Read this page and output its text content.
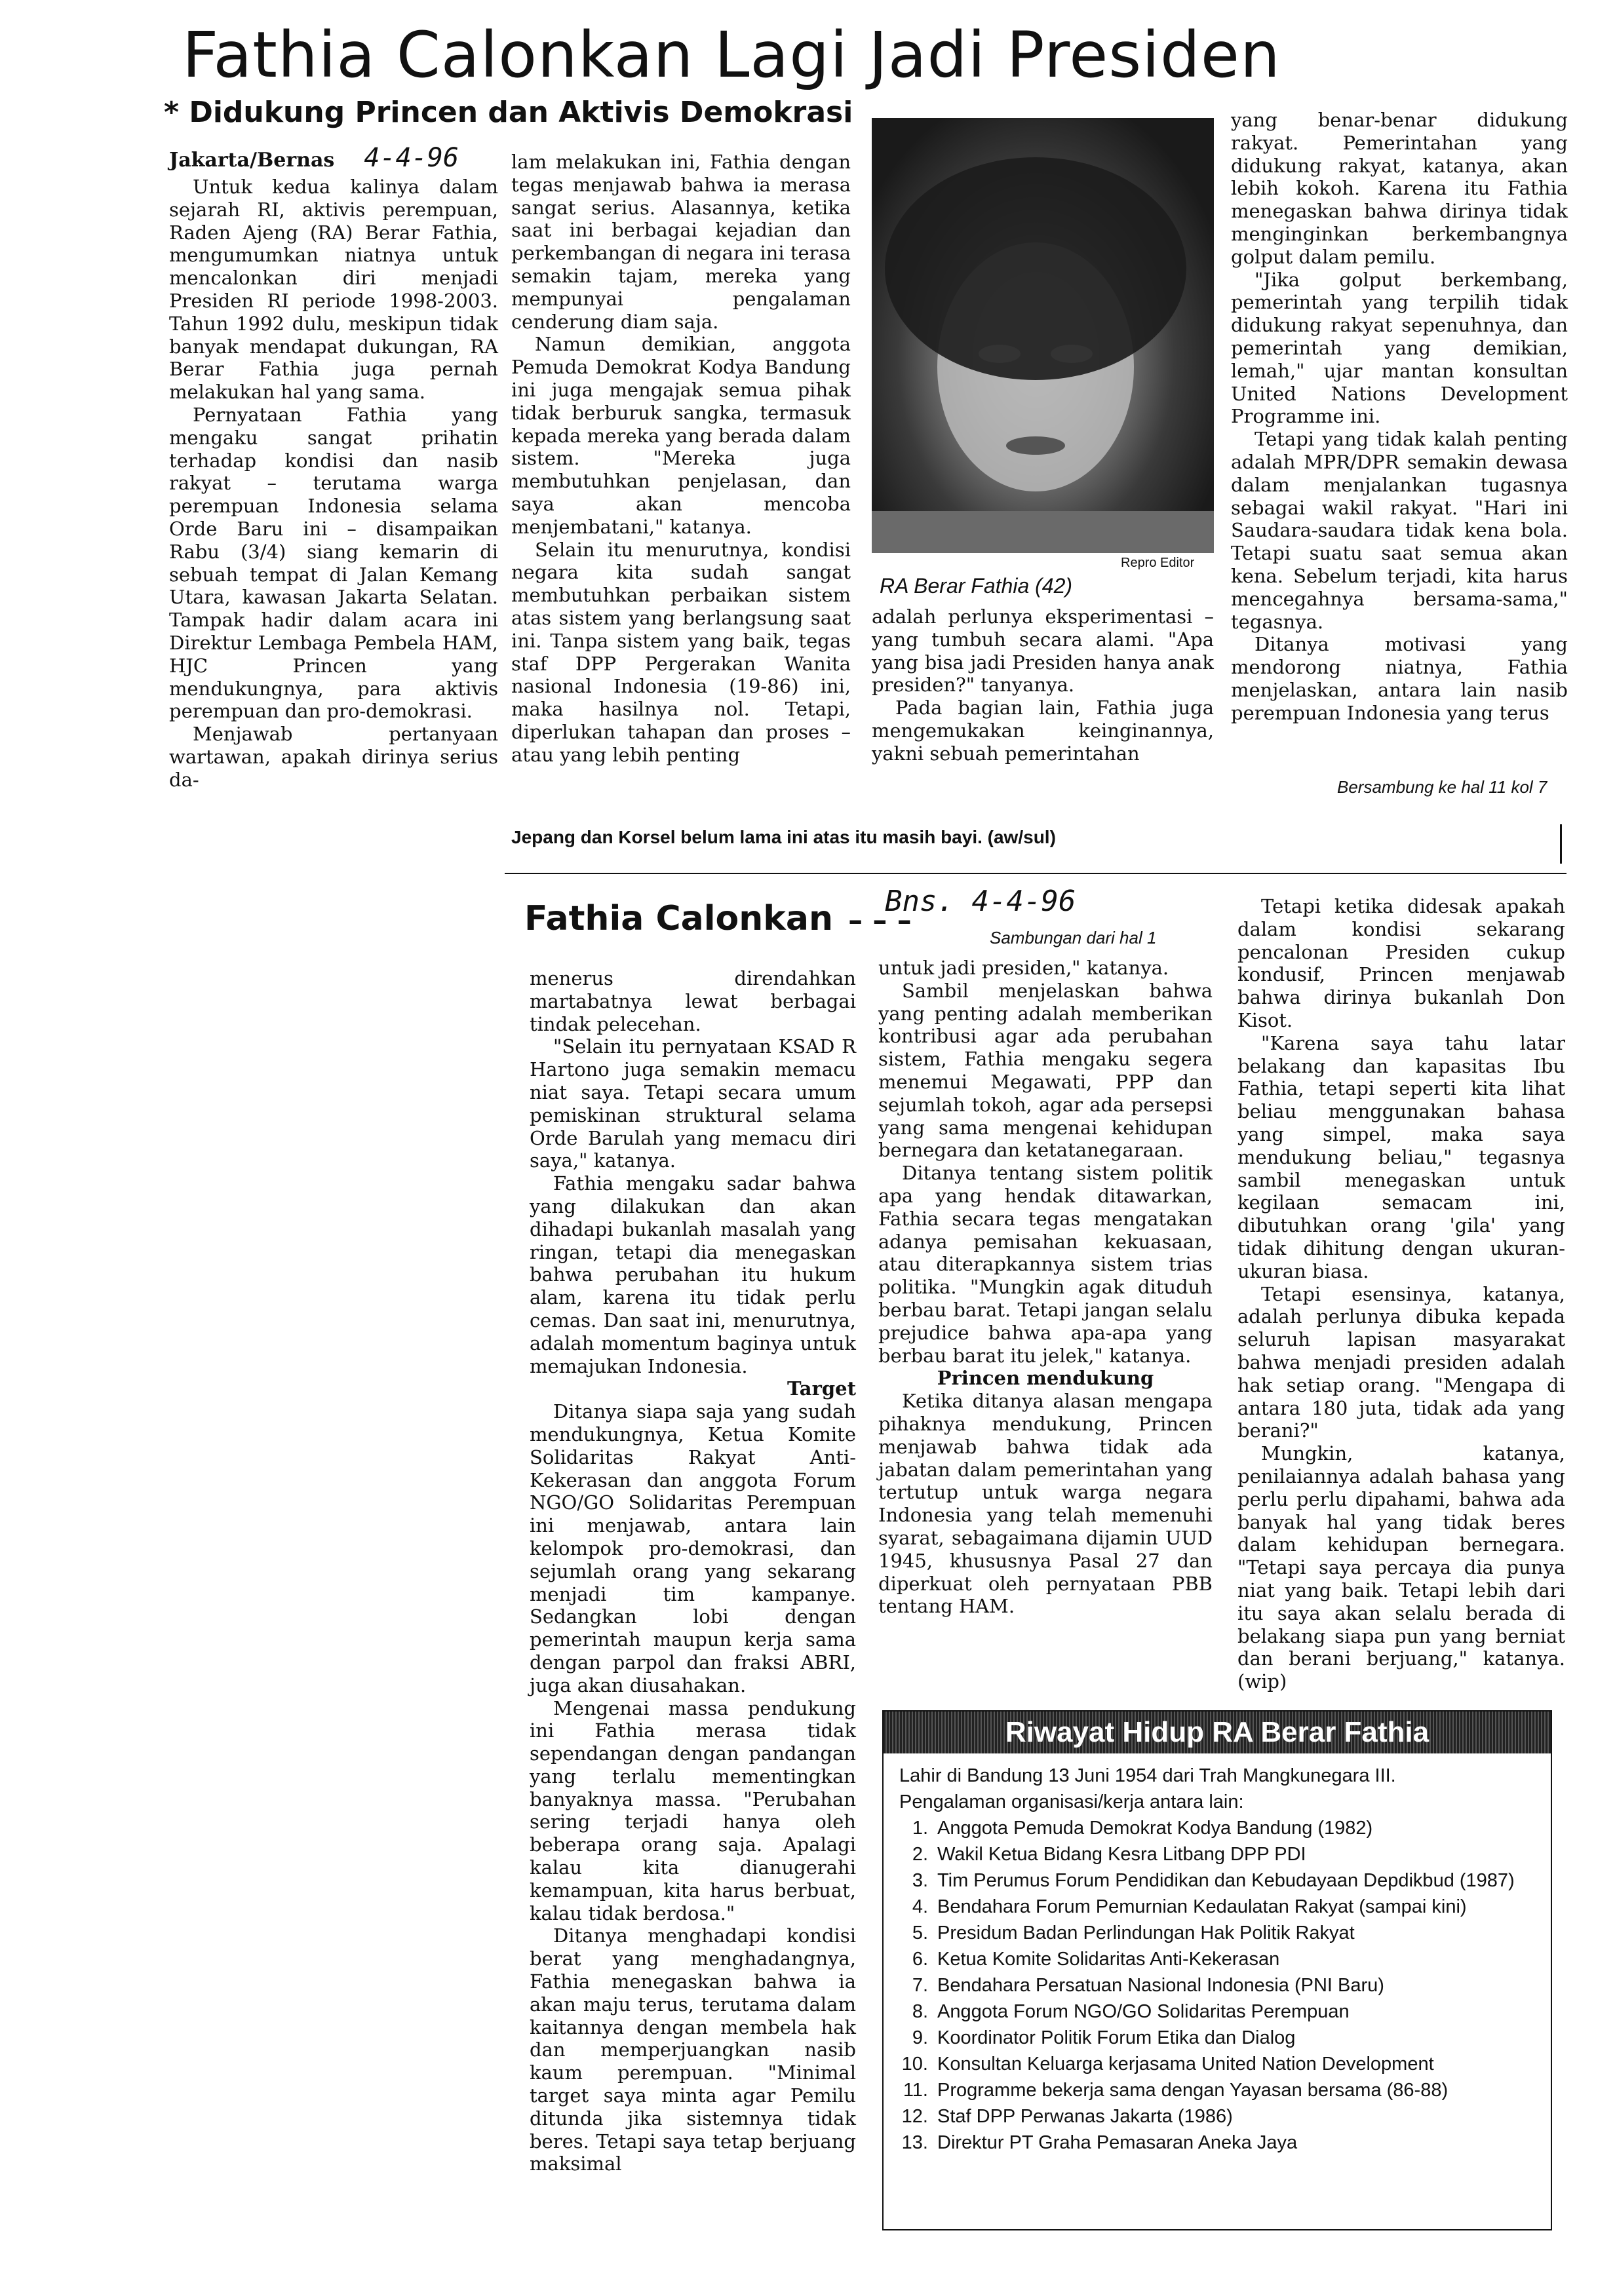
Fathia Calonkan Lagi Jadi Presiden
* Didukung Princen dan Aktivis Demokrasi
Jakarta/Bernas 4-4-96

Untuk kedua kalinya dalam sejarah RI, aktivis perempuan, Raden Ajeng (RA) Berar Fathia, mengumumkan niatnya untuk mencalonkan diri menjadi Presiden RI periode 1998-2003. Tahun 1992 dulu, meskipun tidak banyak mendapat dukungan, RA Berar Fathia juga pernah melakukan hal yang sama.

Pernyataan Fathia yang mengaku sangat prihatin terhadap kondisi dan nasib rakyat – terutama warga perempuan Indonesia selama Orde Baru ini – disampaikan Rabu (3/4) siang kemarin di sebuah tempat di Jalan Kemang Utara, kawasan Jakarta Selatan. Tampak hadir dalam acara ini Direktur Lembaga Pembela HAM, HJC Princen yang mendukungnya, para aktivis perempuan dan pro-demokrasi.

Menjawab pertanyaan wartawan, apakah dirinya serius da-

lam melakukan ini, Fathia dengan tegas menjawab bahwa ia merasa sangat serius. Alasannya, ketika saat ini berbagai kejadian dan perkembangan di negara ini terasa semakin tajam, mereka yang mempunyai pengalaman cenderung diam saja.

Namun demikian, anggota Pemuda Demokrat Kodya Bandung ini juga mengajak semua pihak tidak berburuk sangka, termasuk kepada mereka yang berada dalam sistem. "Mereka juga membutuhkan penjelasan, dan saya akan mencoba menjembatani," katanya.

Selain itu menurutnya, kondisi negara kita sudah sangat membutuhkan perbaikan sistem atas sistem yang berlangsung saat ini. Tanpa sistem yang baik, tegas staf DPP Pergerakan Wanita nasional Indonesia (19-86) ini, maka hasilnya nol. Tetapi, diperlukan tahapan dan proses – atau yang lebih penting

Repro Editor
RA Berar Fathia (42)

adalah perlunya eksperimentasi – yang tumbuh secara alami. "Apa yang bisa jadi Presiden hanya anak presiden?" tanyanya.

Pada bagian lain, Fathia juga mengemukakan keinginannya, yakni sebuah pemerintahan

yang benar-benar didukung rakyat. Pemerintahan yang didukung rakyat, katanya, akan lebih kokoh. Karena itu Fathia menegaskan bahwa dirinya tidak menginginkan berkembangnya golput dalam pemilu.

"Jika golput berkembang, pemerintah yang terpilih tidak didukung rakyat sepenuhnya, dan pemerintah yang demikian, lemah," ujar mantan konsultan United Nations Development Programme ini.

Tetapi yang tidak kalah penting adalah MPR/DPR semakin dewasa dalam menjalankan tugasnya sebagai wakil rakyat. "Hari ini Saudara-saudara tidak kena bola. Tetapi suatu saat semua akan kena. Sebelum terjadi, kita harus mencegahnya bersama-sama," tegasnya.

Ditanya motivasi yang mendorong niatnya, Fathia menjelaskan, antara lain nasib perempuan Indonesia yang terus

Bersambung ke hal 11 kol 7
Jepang dan Korsel belum lama ini atas itu masih bayi. (aw/sul)
Fathia Calonkan – – –
Bns. 4-4-96
Sambungan dari hal 1

menerus direndahkan martabatnya lewat berbagai tindak pelecehan.

"Selain itu pernyataan KSAD R Hartono juga semakin memacu niat saya. Tetapi secara umum pemiskinan struktural selama Orde Barulah yang memacu diri saya," katanya.

Fathia mengaku sadar bahwa yang dilakukan dan akan dihadapi bukanlah masalah yang ringan, tetapi dia menegaskan bahwa perubahan itu hukum alam, karena itu tidak perlu cemas. Dan saat ini, menurutnya, adalah momentum baginya untuk memajukan Indonesia.

Target

Ditanya siapa saja yang sudah mendukungnya, Ketua Komite Solidaritas Rakyat Anti-Kekerasan dan anggota Forum NGO/GO Solidaritas Perempuan ini menjawab, antara lain kelompok pro-demokrasi, dan sejumlah orang yang sekarang menjadi tim kampanye. Sedangkan lobi dengan pemerintah maupun kerja sama dengan parpol dan fraksi ABRI, juga akan diusahakan.

Mengenai massa pendukung ini Fathia merasa tidak sependangan dengan pandangan yang terlalu mementingkan banyaknya massa. "Perubahan sering terjadi hanya oleh beberapa orang saja. Apalagi kalau kita dianugerahi kemampuan, kita harus berbuat, kalau tidak berdosa."

Ditanya menghadapi kondisi berat yang menghadangnya, Fathia menegaskan bahwa ia akan maju terus, terutama dalam kaitannya dengan membela hak dan memperjuangkan nasib kaum perempuan. "Minimal target saya minta agar Pemilu ditunda jika sistemnya tidak beres. Tetapi saya tetap berjuang maksimal

untuk jadi presiden," katanya.

Sambil menjelaskan bahwa yang penting adalah memberikan kontribusi agar ada perubahan sistem, Fathia mengaku segera menemui Megawati, PPP dan sejumlah tokoh, agar ada persepsi yang sama mengenai kehidupan bernegara dan ketatanegaraan.

Ditanya tentang sistem politik apa yang hendak ditawarkan, Fathia secara tegas mengatakan adanya pemisahan kekuasaan, atau diterapkannya sistem trias politika. "Mungkin agak dituduh berbau barat. Tetapi jangan selalu prejudice bahwa apa-apa yang berbau barat itu jelek," katanya.

Princen mendukung

Ketika ditanya alasan mengapa pihaknya mendukung, Princen menjawab bahwa tidak ada jabatan dalam pemerintahan yang tertutup untuk warga negara Indonesia yang telah memenuhi syarat, sebagaimana dijamin UUD 1945, khususnya Pasal 27 dan diperkuat oleh pernyataan PBB tentang HAM.

Tetapi ketika didesak apakah dalam kondisi sekarang pencalonan Presiden cukup kondusif, Princen menjawab bahwa dirinya bukanlah Don Kisot.

"Karena saya tahu latar belakang dan kapasitas Ibu Fathia, tetapi seperti kita lihat beliau menggunakan bahasa yang simpel, maka saya mendukung beliau," tegasnya sambil menegaskan untuk kegilaan semacam ini, dibutuhkan orang 'gila' yang tidak dihitung dengan ukuran-ukuran biasa.

Tetapi esensinya, katanya, adalah perlunya dibuka kepada seluruh lapisan masyarakat bahwa menjadi presiden adalah hak setiap orang. "Mengapa di antara 180 juta, tidak ada yang berani?"

Mungkin, katanya, penilaiannya adalah bahasa yang perlu perlu dipahami, bahwa ada banyak hal yang tidak beres dalam kehidupan bernegara. "Tetapi saya percaya dia punya niat yang baik. Tetapi lebih dari itu saya akan selalu berada di belakang siapa pun yang berniat dan berani berjuang," katanya. (wip)

Riwayat Hidup RA Berar Fathia
Lahir di Bandung 13 Juni 1954 dari Trah Mangkunegara III.
Pengalaman organisasi/kerja antara lain:
1. Anggota Pemuda Demokrat Kodya Bandung (1982)
2. Wakil Ketua Bidang Kesra Litbang DPP PDI
3. Tim Perumus Forum Pendidikan dan Kebudayaan Depdikbud (1987)
4. Bendahara Forum Pemurnian Kedaulatan Rakyat (sampai kini)
5. Presidum Badan Perlindungan Hak Politik Rakyat
6. Ketua Komite Solidaritas Anti-Kekerasan
7. Bendahara Persatuan Nasional Indonesia (PNI Baru)
8. Anggota Forum NGO/GO Solidaritas Perempuan
9. Koordinator Politik Forum Etika dan Dialog
10. Konsultan Keluarga kerjasama United Nation Development
11. Programme bekerja sama dengan Yayasan bersama (86-88)
12. Staf DPP Perwanas Jakarta (1986)
13. Direktur PT Graha Pemasaran Aneka Jaya
